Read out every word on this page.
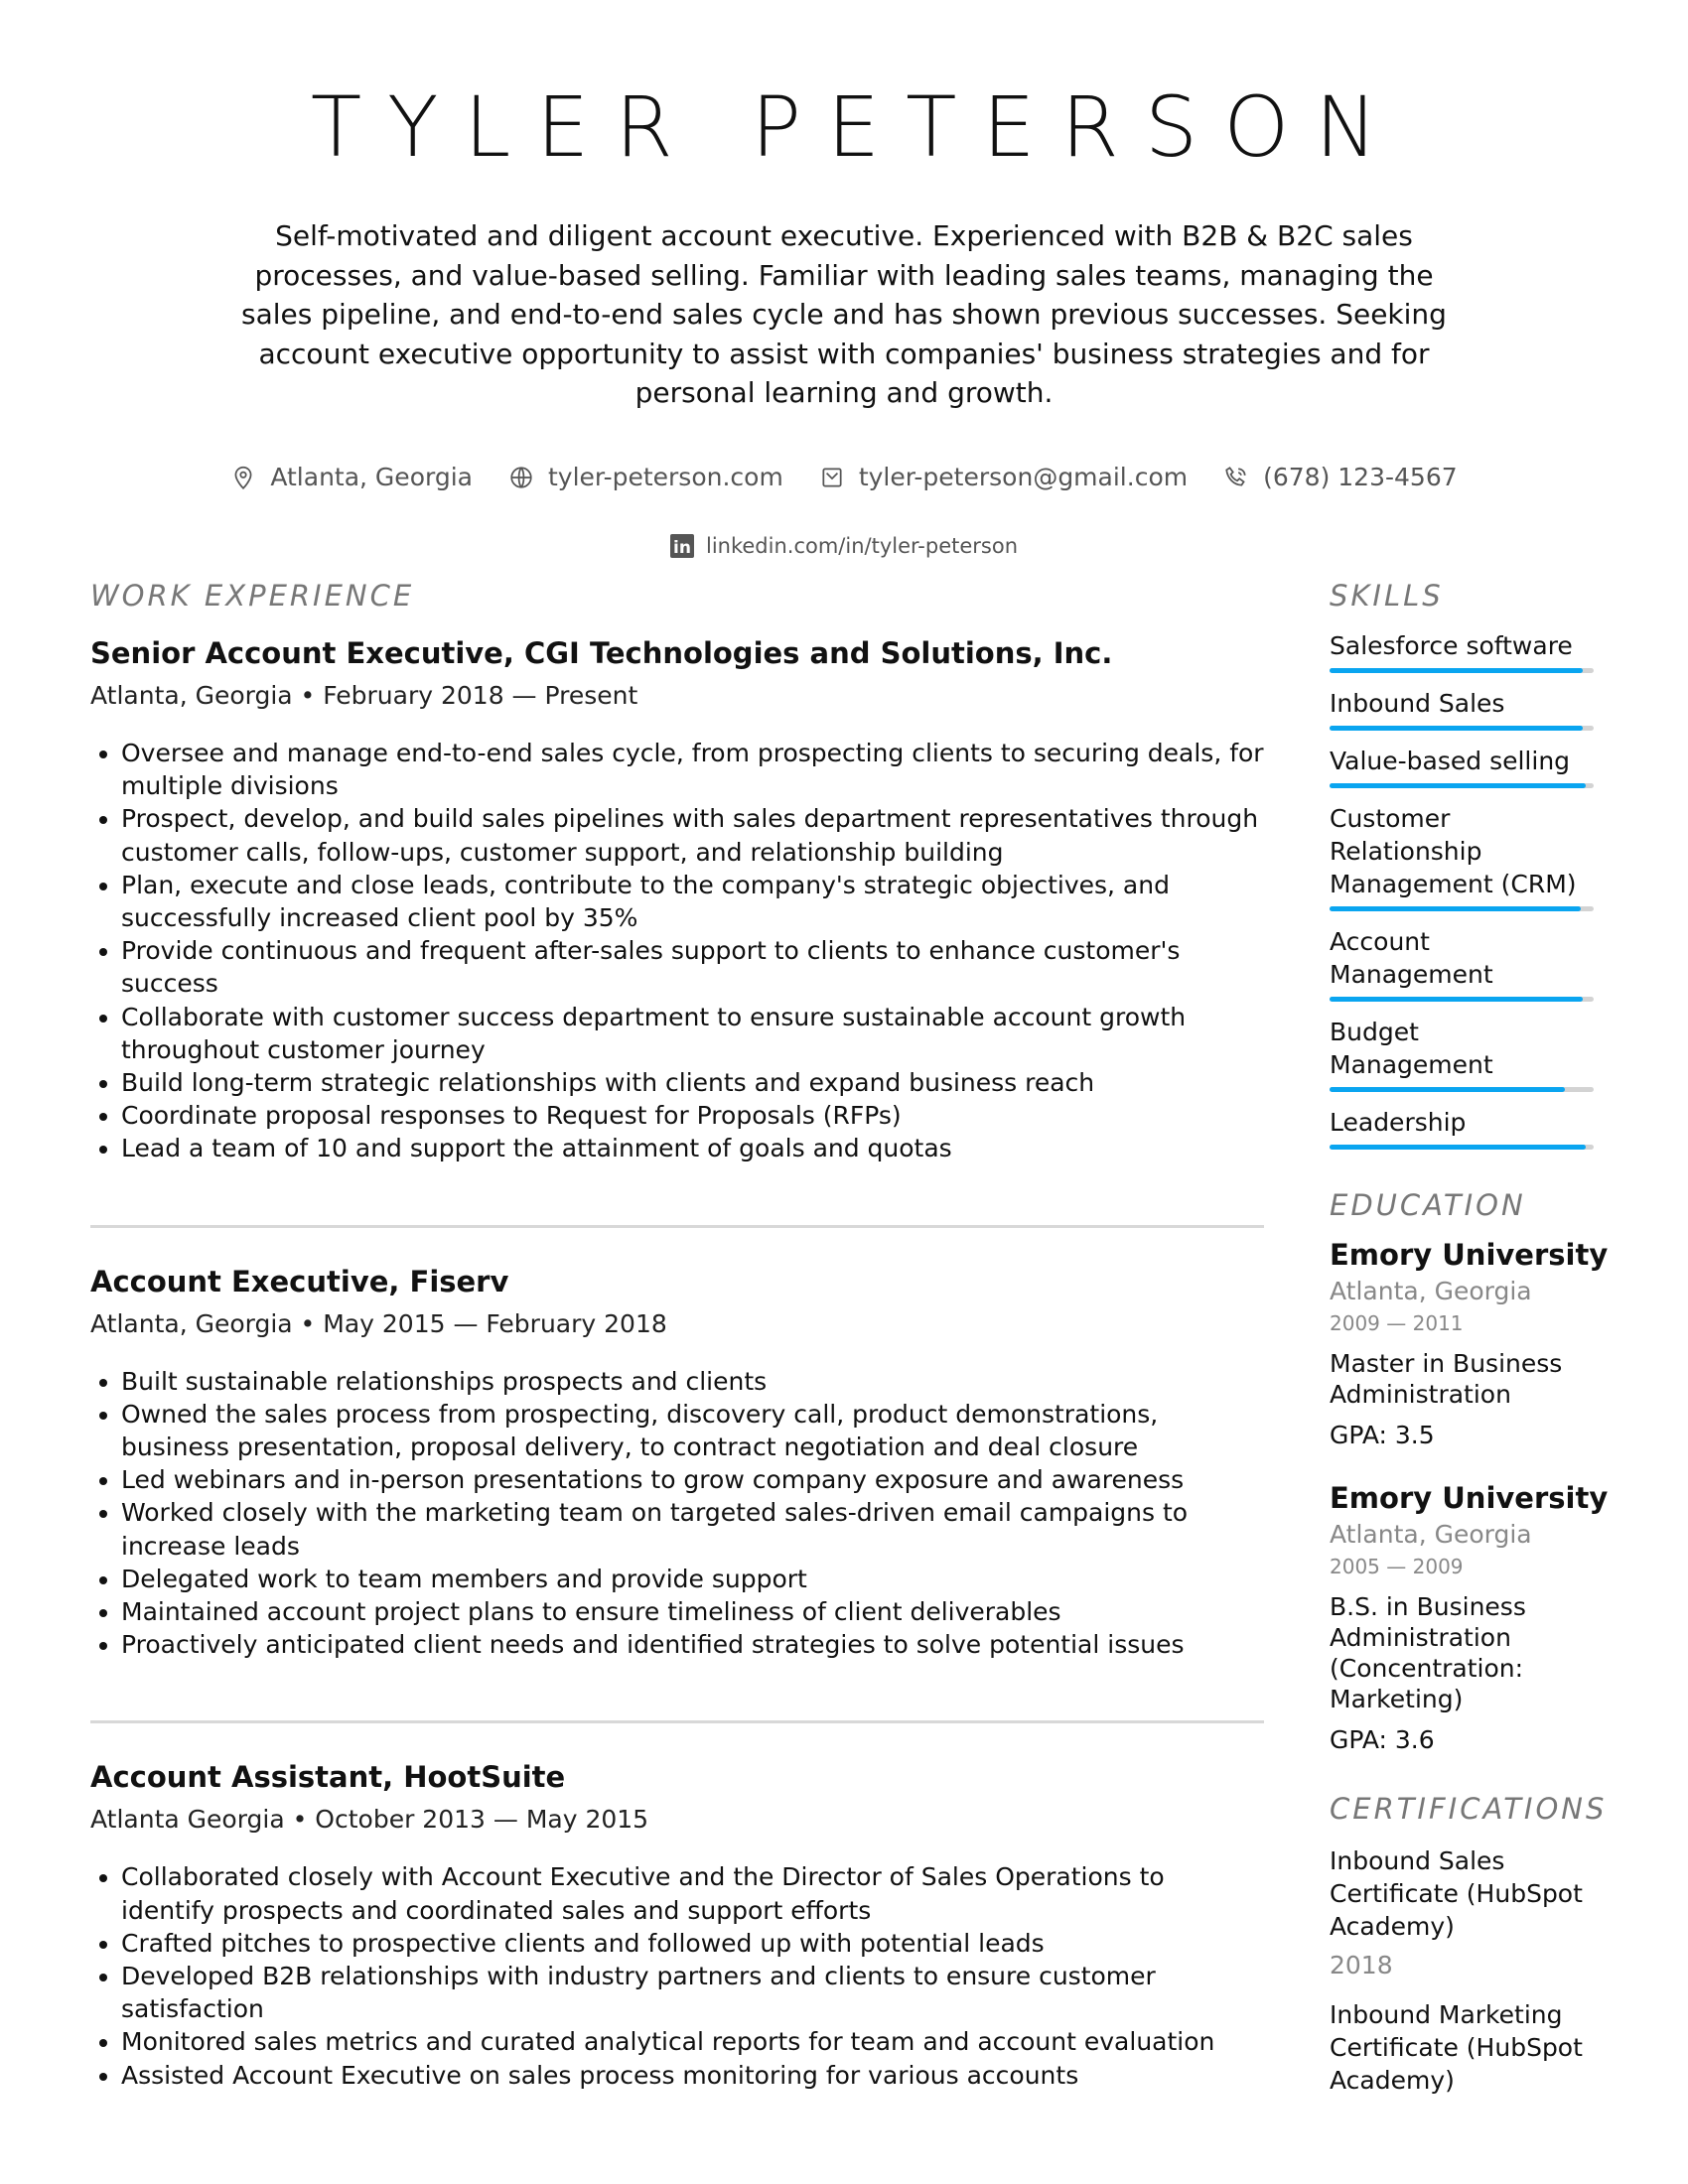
TYLER PETERSON
Self-motivated and diligent account executive. Experienced with B2B & B2C sales processes, and value-based selling. Familiar with leading sales teams, managing the sales pipeline, and end-to-end sales cycle and has shown previous successes. Seeking account executive opportunity to assist with companies' business strategies and for personal learning and growth.
Atlanta, Georgia	tyler-peterson.com	tyler-peterson@gmail.com	(678) 123-4567
in linkedin.com/in/tyler-peterson
WORK EXPERIENCE
Senior Account Executive, CGI Technologies and Solutions, Inc.
Atlanta, Georgia • February 2018 — Present
• Oversee and manage end-to-end sales cycle, from prospecting clients to securing deals, for multiple divisions
• Prospect, develop, and build sales pipelines with sales department representatives through customer calls, follow-ups, customer support, and relationship building
• Plan, execute and close leads, contribute to the company's strategic objectives, and successfully increased client pool by 35%
• Provide continuous and frequent after-sales support to clients to enhance customer's success
• Collaborate with customer success department to ensure sustainable account growth throughout customer journey
• Build long-term strategic relationships with clients and expand business reach
• Coordinate proposal responses to Request for Proposals (RFPs)
• Lead a team of 10 and support the attainment of goals and quotas
Account Executive, Fiserv
Atlanta, Georgia • May 2015 — February 2018
• Built sustainable relationships prospects and clients
• Owned the sales process from prospecting, discovery call, product demonstrations, business presentation, proposal delivery, to contract negotiation and deal closure
• Led webinars and in-person presentations to grow company exposure and awareness
• Worked closely with the marketing team on targeted sales-driven email campaigns to increase leads
• Delegated work to team members and provide support
• Maintained account project plans to ensure timeliness of client deliverables
• Proactively anticipated client needs and identified strategies to solve potential issues
Account Assistant, HootSuite
Atlanta Georgia • October 2013 — May 2015
• Collaborated closely with Account Executive and the Director of Sales Operations to identify prospects and coordinated sales and support efforts
• Crafted pitches to prospective clients and followed up with potential leads
• Developed B2B relationships with industry partners and clients to ensure customer satisfaction
• Monitored sales metrics and curated analytical reports for team and account evaluation
• Assisted Account Executive on sales process monitoring for various accounts
SKILLS
Salesforce software
Inbound Sales
Value-based selling
Customer Relationship Management (CRM)
Account Management
Budget Management
Leadership
EDUCATION
Emory University
Atlanta, Georgia
2009 — 2011
Master in Business Administration
GPA: 3.5
Emory University
Atlanta, Georgia
2005 — 2009
B.S. in Business Administration (Concentration: Marketing)
GPA: 3.6
CERTIFICATIONS
Inbound Sales Certificate (HubSpot Academy)
2018
Inbound Marketing Certificate (HubSpot Academy)
